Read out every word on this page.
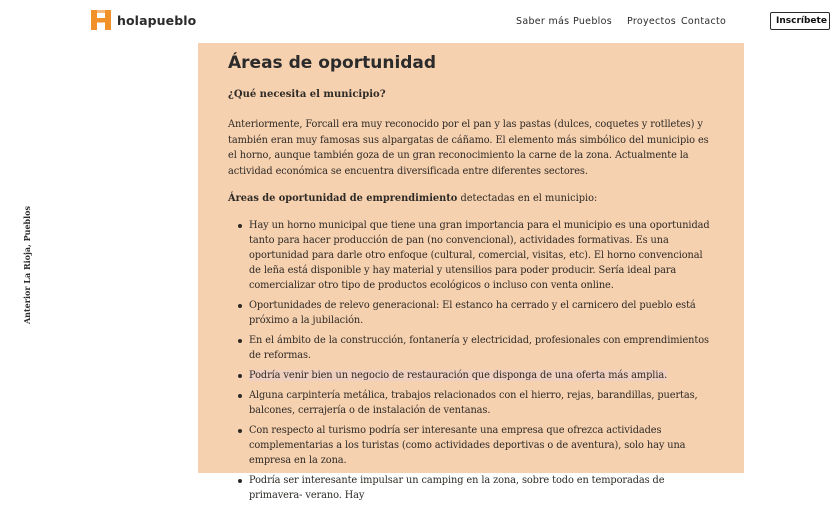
holapueblo	Saber más Pueblos Proyectos Contacto	Inscríbete
Anterior La Rioja, Pueblos
Áreas de oportunidad

¿Qué necesita el municipio?

Anteriormente, Forcall era muy reconocido por el pan y las pastas (dulces, coquetes y rotlletes) y también eran muy famosas sus alpargatas de cáñamo. El elemento más simbólico del municipio es el horno, aunque también goza de un gran reconocimiento la carne de la zona. Actualmente la actividad económica se encuentra diversificada entre diferentes sectores.

Áreas de oportunidad de emprendimiento detectadas en el municipio:

Hay un horno municipal que tiene una gran importancia para el municipio es una oportunidad tanto para hacer producción de pan (no convencional), actividades formativas. Es una oportunidad para darle otro enfoque (cultural, comercial, visitas, etc). El horno convencional de leña está disponible y hay material y utensilios para poder producir. Sería ideal para comercializar otro tipo de productos ecológicos o incluso con venta online.
Oportunidades de relevo generacional: El estanco ha cerrado y el carnicero del pueblo está próximo a la jubilación.
En el ámbito de la construcción, fontanería y electricidad, profesionales con emprendimientos de reformas.
Podría venir bien un negocio de restauración que disponga de una oferta más amplia.
Alguna carpintería metálica, trabajos relacionados con el hierro, rejas, barandillas, puertas, balcones, cerrajería o de instalación de ventanas.
Con respecto al turismo podría ser interesante una empresa que ofrezca actividades complementarias a los turistas (como actividades deportivas o de aventura), solo hay una empresa en la zona.
Podría ser interesante impulsar un camping en la zona, sobre todo en temporadas de primavera- verano. Hay
